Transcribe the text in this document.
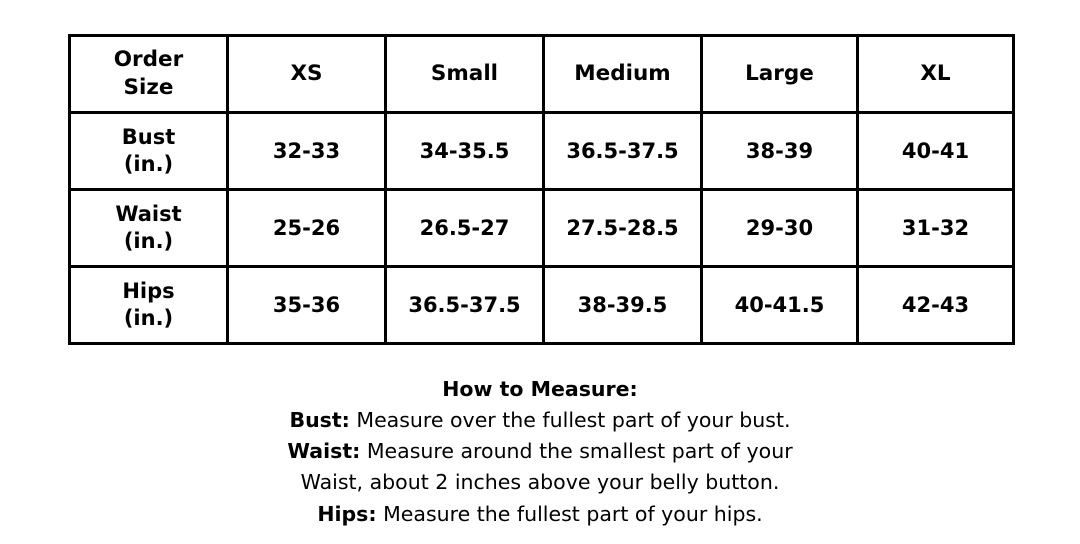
Order
Size	XS	Small	Medium	Large	XL

Bust
(in.)	32-33	34-35.5	36.5-37.5	38-39	40-41

Waist
(in.)	25-26	26.5-27	27.5-28.5	29-30	31-32

Hips
(in.)	35-36	36.5-37.5	38-39.5	40-41.5	42-43
How to Measure:
Bust: Measure over the fullest part of your bust.
Waist: Measure around the smallest part of your
Waist, about 2 inches above your belly button.
Hips: Measure the fullest part of your hips.
